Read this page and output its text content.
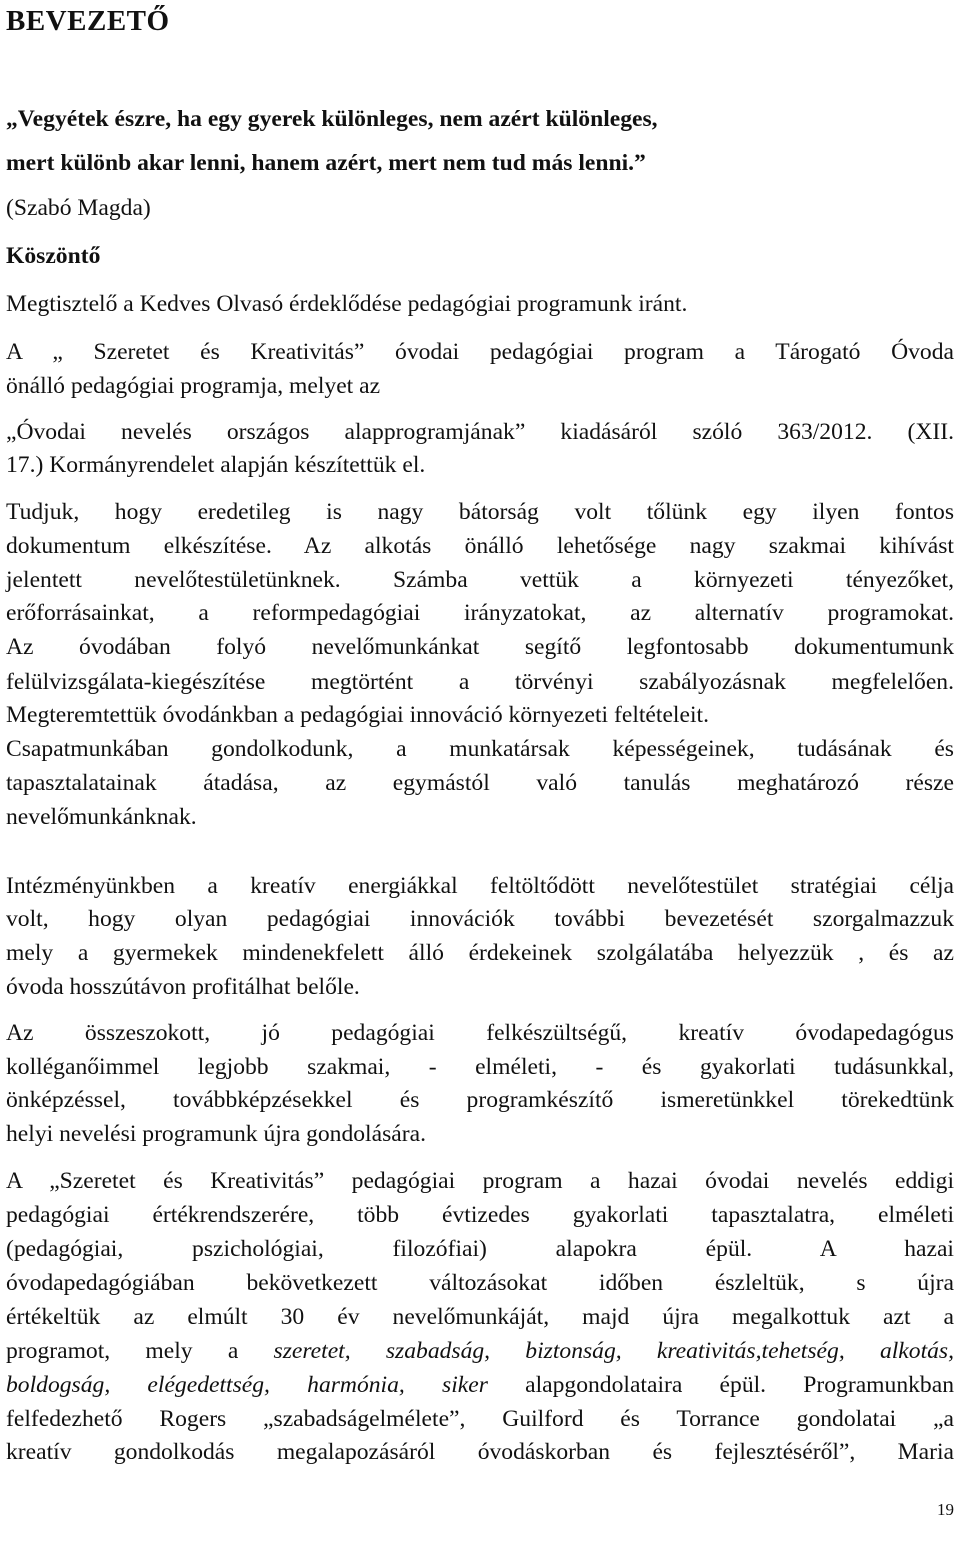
BEVEZETŐ
„Vegyétek észre, ha egy gyerek különleges, nem azért különleges,
mert különb akar lenni, hanem azért, mert nem tud más lenni.”
(Szabó Magda)
Köszöntő
Megtisztelő a Kedves Olvasó érdeklődése pedagógiai programunk iránt.
A „ Szeretet és Kreativitás” óvodai pedagógiai program a Tárogató Óvoda
önálló pedagógiai programja, melyet az
„Óvodai nevelés országos alapprogramjának” kiadásáról szóló 363/2012. (XII.
17.) Kormányrendelet alapján készítettük el.
Tudjuk, hogy eredetileg is nagy bátorság volt tőlünk egy ilyen fontos
dokumentum elkészítése. Az alkotás önálló lehetősége nagy szakmai kihívást
jelentett nevelőtestületünknek. Számba vettük a környezeti tényezőket,
erőforrásainkat, a reformpedagógiai irányzatokat, az alternatív programokat.
Az óvodában folyó nevelőmunkánkat segítő legfontosabb dokumentumunk
felülvizsgálata-kiegészítése megtörtént a törvényi szabályozásnak megfelelően.
Megteremtettük óvodánkban a pedagógiai innováció környezeti feltételeit.
Csapatmunkában gondolkodunk, a munkatársak képességeinek, tudásának és
tapasztalatainak átadása, az egymástól való tanulás meghatározó része
nevelőmunkánknak.
Intézményünkben a kreatív energiákkal feltöltődött nevelőtestület stratégiai célja
volt, hogy olyan pedagógiai innovációk további bevezetését szorgalmazzuk
mely a gyermekek mindenekfelett álló érdekeinek szolgálatába helyezzük , és az
óvoda hosszútávon profitálhat belőle.
Az összeszokott, jó pedagógiai felkészültségű, kreatív óvodapedagógus
kolléganőimmel legjobb szakmai, - elméleti, - és gyakorlati tudásunkkal,
önképzéssel, továbbképzésekkel és programkészítő ismeretünkkel törekedtünk
helyi nevelési programunk újra gondolására.
A „Szeretet és Kreativitás” pedagógiai program a hazai óvodai nevelés eddigi
pedagógiai értékrendszerére, több évtizedes gyakorlati tapasztalatra, elméleti
(pedagógiai, pszichológiai, filozófiai) alapokra épül. A hazai
óvodapedagógiában bekövetkezett változásokat időben észleltük, s újra
értékeltük az elmúlt 30 év nevelőmunkáját, majd újra megalkottuk azt a
programot, mely a szeretet, szabadság, biztonság, kreativitás,tehetség, alkotás,
boldogság, elégedettség, harmónia, siker alapgondolataira épül. Programunkban
felfedezhető Rogers „szabadságelmélete”, Guilford és Torrance gondolatai „a
kreatív gondolkodás megalapozásáról óvodáskorban és fejlesztéséről”, Maria
19
